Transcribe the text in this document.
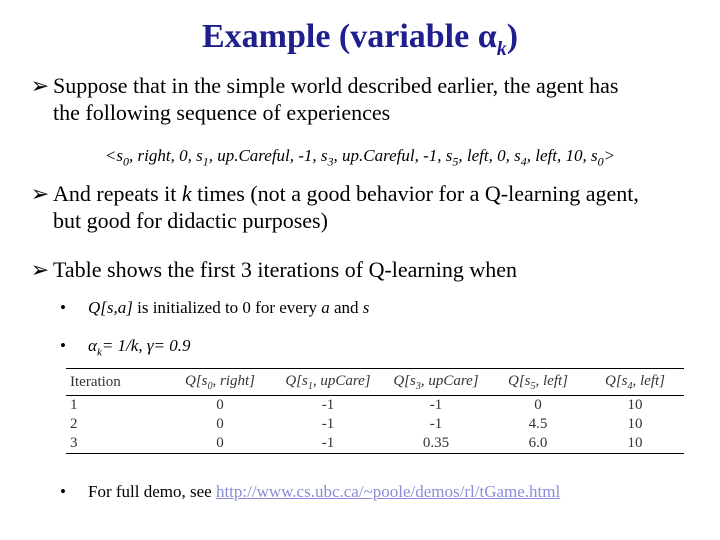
Example (variable $\alpha_k$)
➢ Suppose that in the simple world described earlier, the agent has
the following sequence of experiences
$<s_0$, right, 0, $s_1$, up.Careful, -1, $s_3$, up.Careful, -1, $s_5$, left, 0, $s_4$, left, 10, $s_0>$
➢ And repeats it k times (not a good behavior for a Q-learning agent,
but good for didactic purposes)
➢ Table shows the first 3 iterations of Q-learning when
• Q[s,a] is initialized to 0 for every a and s
• $\alpha_k= 1/k$, γ= 0.9
Iteration	$Q[s_0$, right]	$Q[s_1$, upCare]	$Q[s_3$, upCare]	$Q[s_5$, left]	$Q[s_4$, left]
1	0	-1	-1	0	10
2	0	-1	-1	4.5	10
3	0	-1	0.35	6.0	10
• For full demo, see http://www.cs.ubc.ca/~poole/demos/rl/tGame.html
